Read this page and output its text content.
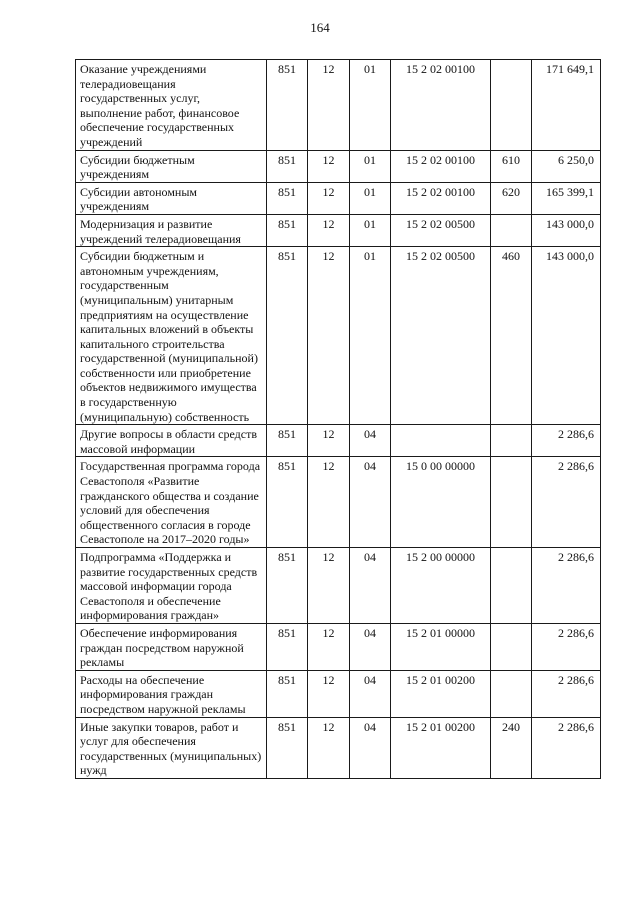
164
Оказание учреждениями телерадиовещания государственных услуг, выполнение работ, финансовое обеспечение государственных учреждений	851	12	01	15 2 02 00100		171 649,1
Субсидии бюджетным учреждениям	851	12	01	15 2 02 00100	610	6 250,0
Субсидии автономным учреждениям	851	12	01	15 2 02 00100	620	165 399,1
Модернизация и развитие учреждений телерадиовещания	851	12	01	15 2 02 00500		143 000,0
Субсидии бюджетным и автономным учреждениям, государственным (муниципальным) унитарным предприятиям на осуществление капитальных вложений в объекты капитального строительства государственной (муниципальной) собственности или приобретение объектов недвижимого имущества в государственную (муниципальную) собственность	851	12	01	15 2 02 00500	460	143 000,0
Другие вопросы в области средств массовой информации	851	12	04			2 286,6
Государственная программа города Севастополя «Развитие гражданского общества и создание условий для обеспечения общественного согласия в городе Севастополе на 2017–2020 годы»	851	12	04	15 0 00 00000		2 286,6
Подпрограмма «Поддержка и развитие государственных средств массовой информации города Севастополя и обеспечение информирования граждан»	851	12	04	15 2 00 00000		2 286,6
Обеспечение информирования граждан посредством наружной рекламы	851	12	04	15 2 01 00000		2 286,6
Расходы на обеспечение информирования граждан посредством наружной рекламы	851	12	04	15 2 01 00200		2 286,6
Иные закупки товаров, работ и услуг для обеспечения государственных (муниципальных) нужд	851	12	04	15 2 01 00200	240	2 286,6
